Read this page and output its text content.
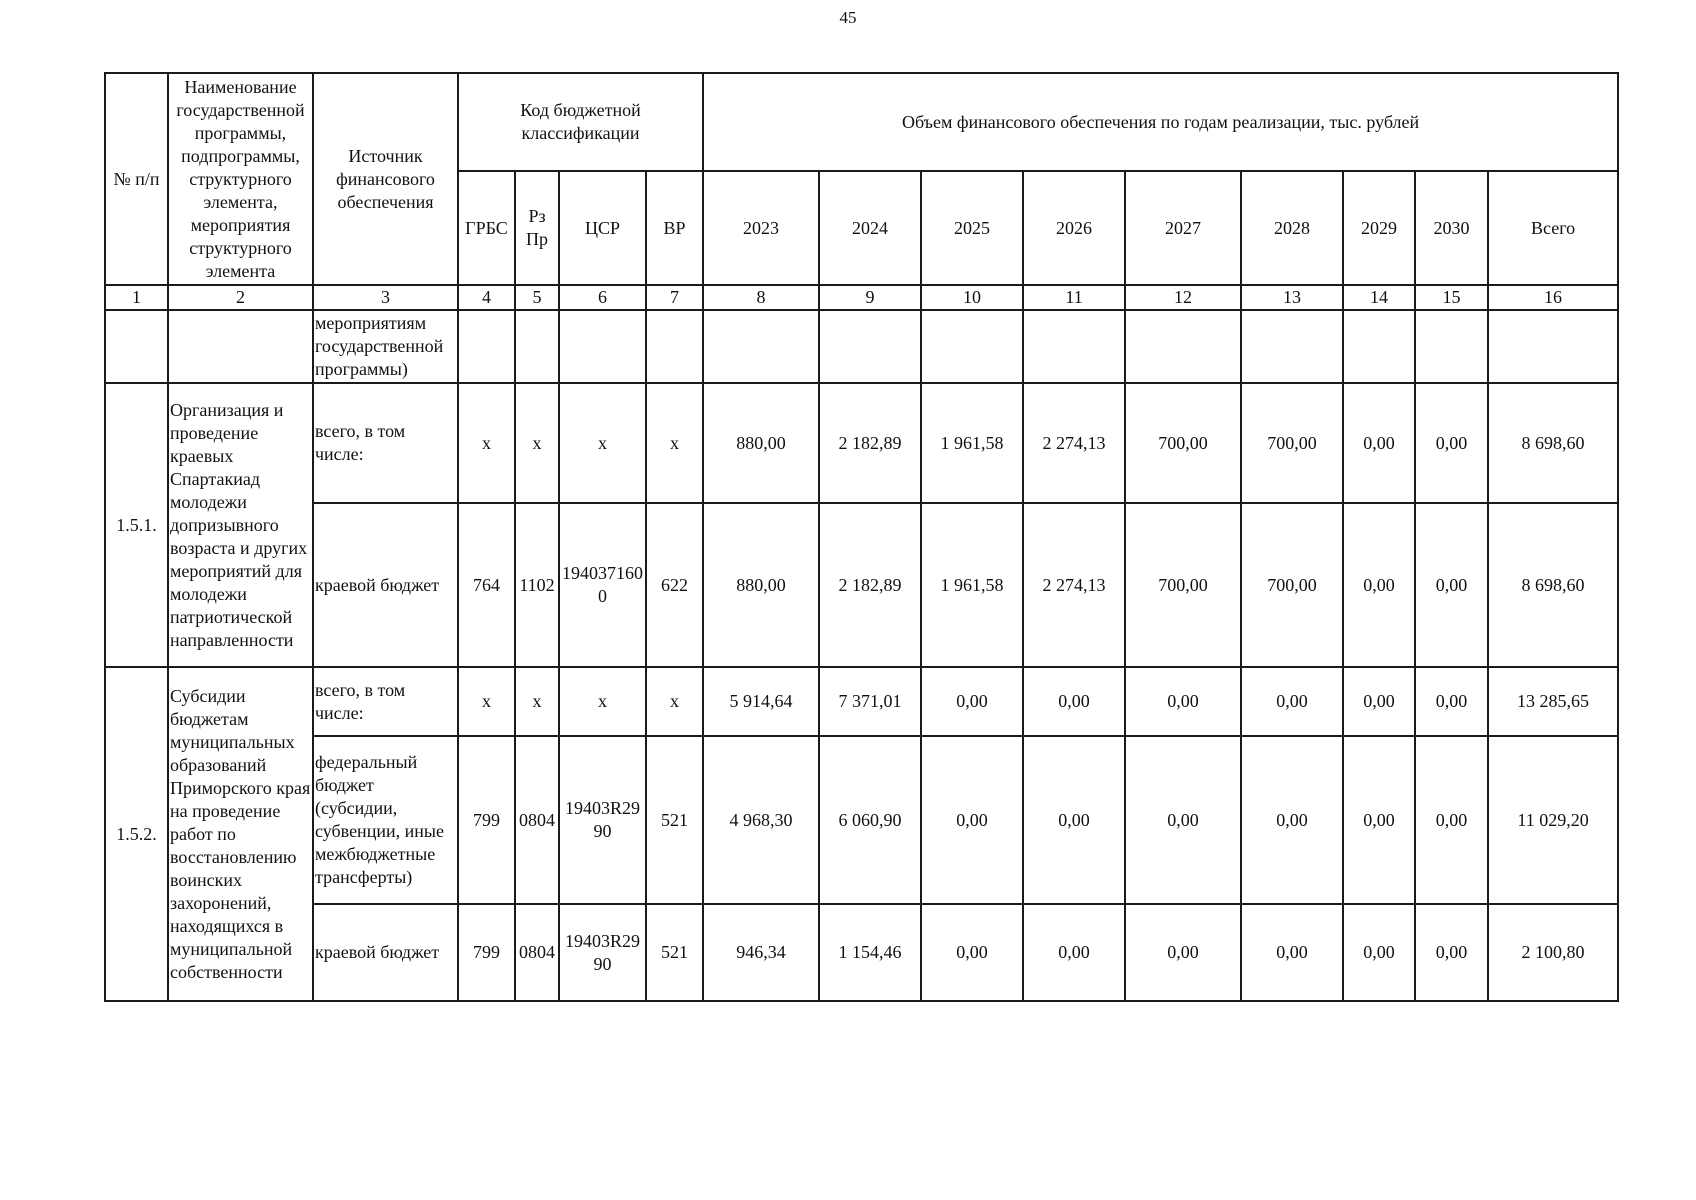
45
№ п/п	Наименование государственной программы, подпрограммы, структурного элемента, мероприятия структурного элемента	Источник финансового обеспечения	Код бюджетной классификации				Объем финансового обеспечения по годам реализации, тыс. рублей								
			ГРБС	Рз Пр	ЦСР	ВР	2023	2024	2025	2026	2027	2028	2029	2030	Всего
1	2	3	4	5	6	7	8	9	10	11	12	13	14	15	16
		мероприятиям государственной программы)													
1.5.1.	Организация и проведение краевых Спартакиад молодежи допризывного возраста и других мероприятий для молодежи патриотической направленности	всего, в том числе:	x	x	x	x	880,00	2 182,89	1 961,58	2 274,13	700,00	700,00	0,00	0,00	8 698,60
		краевой бюджет	764	1102	1940371600	622	880,00	2 182,89	1 961,58	2 274,13	700,00	700,00	0,00	0,00	8 698,60
1.5.2.	Субсидии бюджетам муниципальных образований Приморского края на проведение работ по восстановлению воинских захоронений, находящихся в муниципальной собственности	всего, в том числе:	x	x	x	x	5 914,64	7 371,01	0,00	0,00	0,00	0,00	0,00	0,00	13 285,65
		федеральный бюджет (субсидии, субвенции, иные межбюджетные трансферты)	799	0804	19403R2990	521	4 968,30	6 060,90	0,00	0,00	0,00	0,00	0,00	0,00	11 029,20
		краевой бюджет	799	0804	19403R2990	521	946,34	1 154,46	0,00	0,00	0,00	0,00	0,00	0,00	2 100,80
